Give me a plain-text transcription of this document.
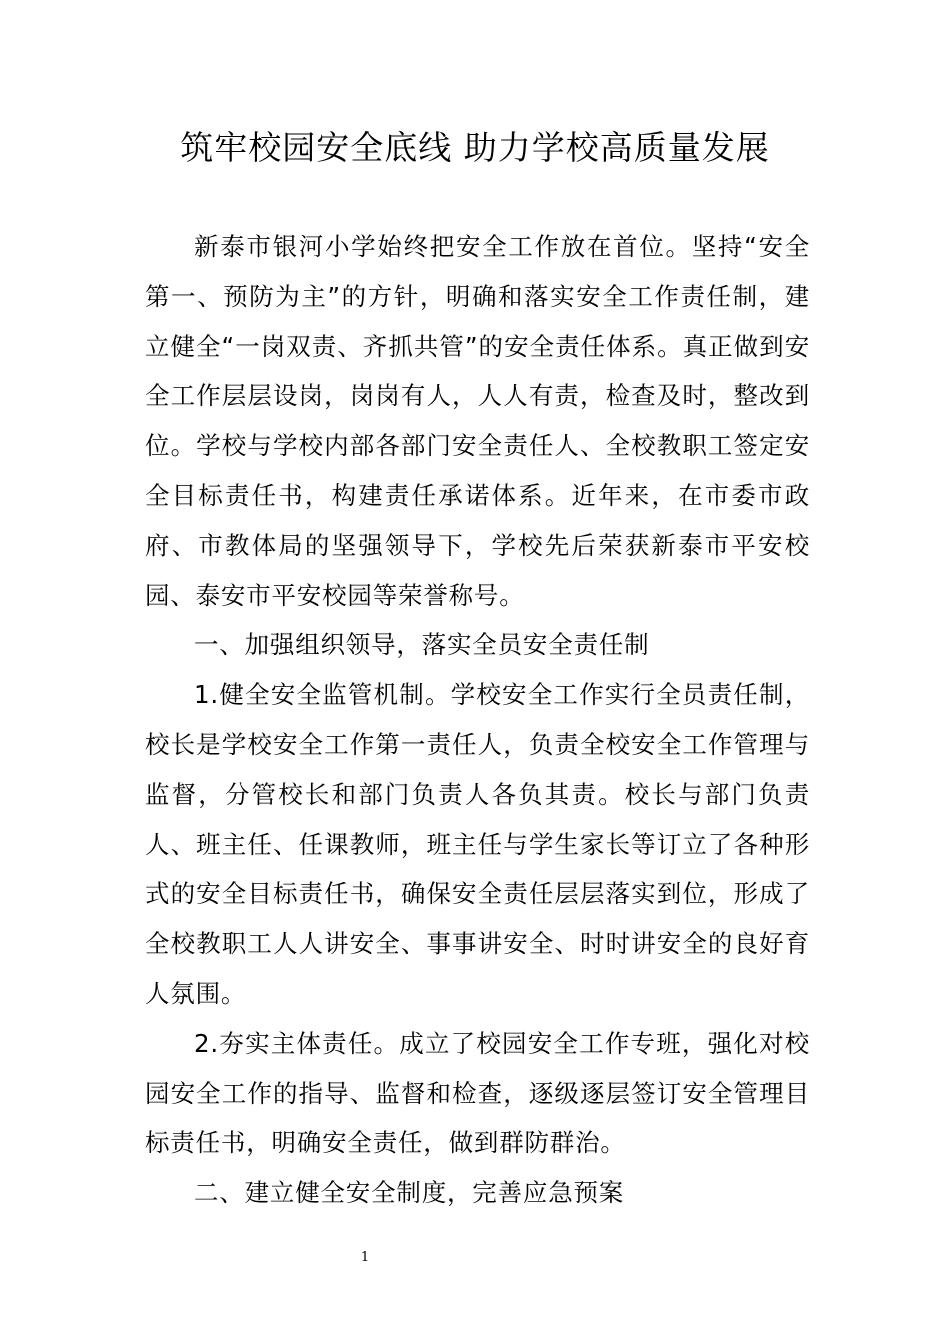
筑牢校园安全底线 助力学校高质量发展

新泰市银河小学始终把安全工作放在首位。坚持“安全第一、预防为主”的方针，明确和落实安全工作责任制，建立健全“一岗双责、齐抓共管”的安全责任体系。真正做到安全工作层层设岗，岗岗有人，人人有责，检查及时，整改到位。学校与学校内部各部门安全责任人、全校教职工签定安全目标责任书，构建责任承诺体系。近年来，在市委市政府、市教体局的坚强领导下，学校先后荣获新泰市平安校园、泰安市平安校园等荣誉称号。

一、加强组织领导，落实全员安全责任制

1.健全安全监管机制。学校安全工作实行全员责任制，校长是学校安全工作第一责任人，负责全校安全工作管理与监督，分管校长和部门负责人各负其责。校长与部门负责人、班主任、任课教师，班主任与学生家长等订立了各种形式的安全目标责任书，确保安全责任层层落实到位，形成了全校教职工人人讲安全、事事讲安全、时时讲安全的良好育人氛围。

2.夯实主体责任。成立了校园安全工作专班，强化对校园安全工作的指导、监督和检查，逐级逐层签订安全管理目标责任书，明确安全责任，做到群防群治。

二、建立健全安全制度，完善应急预案

1
